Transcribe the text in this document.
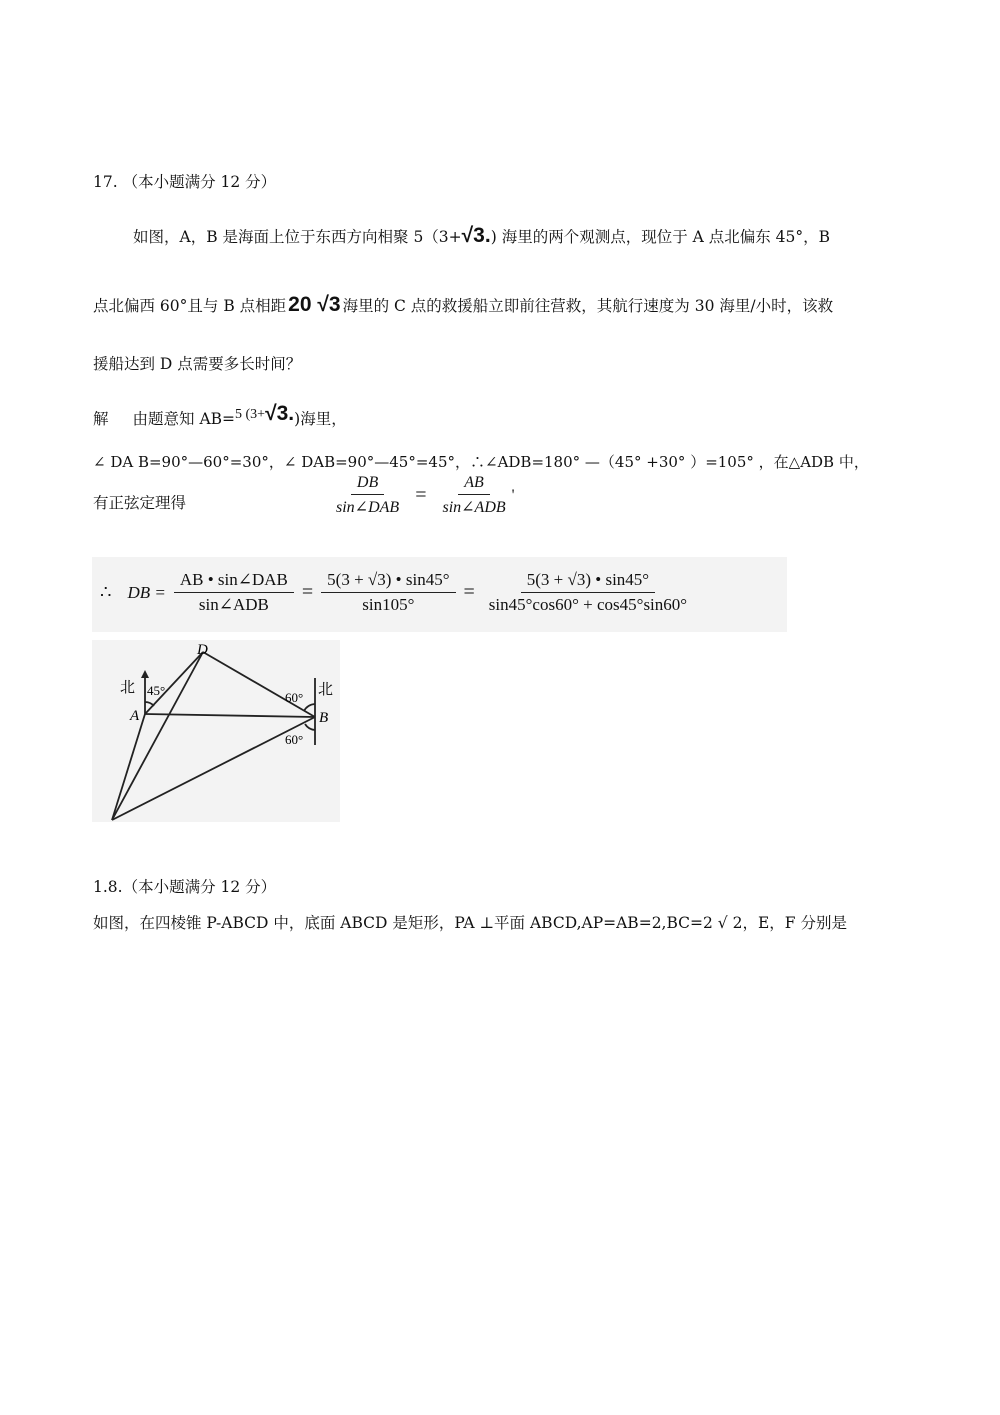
17. （本小题满分 12 分）
如图，A，B 是海面上位于东西方向相聚 5（3+√3.) 海里的两个观测点，现位于 A 点北偏东 45°，B
点北偏西 60°且与 B 点相距20 √3 海里的 C 点的救援船立即前往营救，其航行速度为 30 海里/小时，该救
援船达到 D 点需要多长时间？
解 由题意知 AB=5 (3+√3.)海里，
∠ DA B=90°—60°=30°，∠ DAB=90°—45°=45°，∴∠ADB=180° —（45° +30° ）=105° ，在△ADB 中，
有正弦定理得	$\frac{DB}{\text{sin∠DAB}} = \frac{AB}{\text{sin∠ADB}}$ '
∴ DB = $\frac{\text{AB • sin∠DAB}}{\text{sin∠ADB}} = \frac{5(3 + √3) • \sin 45^\circ}{\sin 105^\circ} = \frac{5(3 + √3) • \sin 45^\circ}{\sin 45^\circ\cos 60^\circ + \cos 45^\circ\sin 60^\circ}$
D
A	B
北	北
45°	60°
60°
1.8.（本小题满分 12 分）
如图，在四棱锥 P-ABCD 中，底面 ABCD 是矩形，PA ⊥平面 ABCD,AP=AB=2,BC=2 √ 2，E，F 分别是
